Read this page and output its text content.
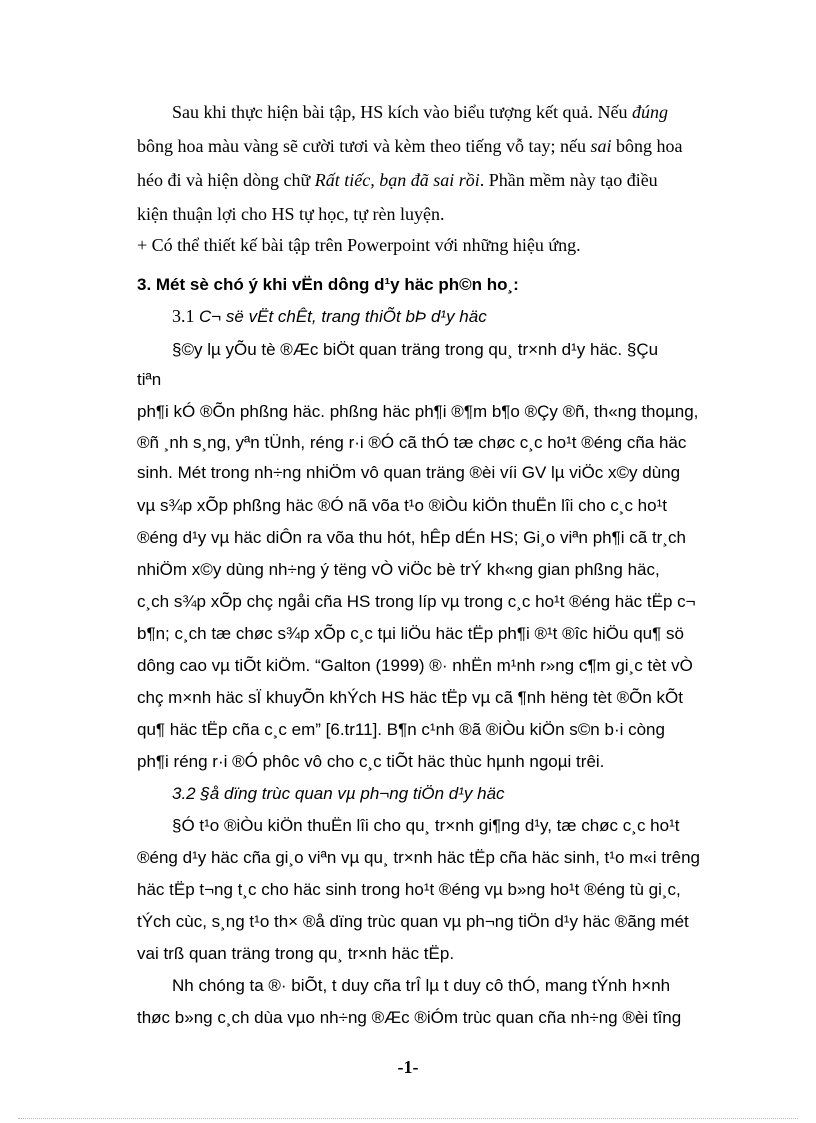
Sau khi thực hiện bài tập, HS kích vào biểu tượng kết quả. Nếu đúng
bông hoa màu vàng sẽ cười tươi và kèm theo tiếng vỗ tay; nếu sai bông hoa
héo đi và hiện dòng chữ Rất tiếc, bạn đã sai rồi. Phần mềm này tạo điều
kiện thuận lợi cho HS tự học, tự rèn luyện.
+ Có thể thiết kế bài tập trên Powerpoint với những hiệu ứng.
3. Mét sè chó ý khi vËn dông d¹y häc ph©n ho¸:
3.1 C¬ së vËt chÊt, trang thiÕt bÞ d¹y häc
§©y lµ yÕu tè ®Æc biÖt quan träng trong qu¸ tr×nh d¹y häc. §Çu
tiªn
ph¶i kÓ ®Õn phßng häc. phßng häc ph¶i ®¶m b¶o ®Çy ®ñ, th«ng thoµng,
®ñ ¸nh s¸ng, yªn tÜnh, réng r·i ®Ó cã thÓ tæ chøc c¸c ho¹t ®éng cña häc
sinh. Mét trong nh÷ng nhiÖm vô quan träng ®èi víi GV lµ viÖc x©y dùng
vµ s¾p xÕp phßng häc ®Ó nã võa t¹o ®iÒu kiÖn thuËn lîi cho c¸c ho¹t
®éng d¹y vµ häc diÔn ra võa thu hót, hÊp dÉn HS; Gi¸o viªn ph¶i cã tr¸ch
nhiÖm x©y dùng nh÷ng ý tëng vÒ viÖc bè trÝ kh«ng gian phßng häc,
c¸ch s¾p xÕp chç ngåi cña HS trong líp vµ trong c¸c ho¹t ®éng häc tËp c¬
b¶n; c¸ch tæ chøc s¾p xÕp c¸c tµi liÖu häc tËp ph¶i ®¹t ®îc hiÖu qu¶ sö
dông cao vµ tiÕt kiÖm. “Galton (1999) ®· nhËn m¹nh r»ng c¶m gi¸c tèt vÒ
chç m×nh häc sÏ khuyÕn khÝch HS häc tËp vµ cã ¶nh hëng tèt ®Õn kÕt
qu¶ häc tËp cña c¸c em” [6.tr11]. B¶n c¹nh ®ã ®iÒu kiÖn s©n b·i còng
ph¶i réng r·i ®Ó phôc vô cho c¸c tiÕt häc thùc hµnh ngoµi trêi.
3.2 §å dïng trùc quan vµ ph¬ng tiÖn d¹y häc
§Ó t¹o ®iÒu kiÖn thuËn lîi cho qu¸ tr×nh gi¶ng d¹y, tæ chøc c¸c ho¹t
®éng d¹y häc cña gi¸o viªn vµ qu¸ tr×nh häc tËp cña häc sinh, t¹o m«i trêng
häc tËp t¬ng t¸c cho häc sinh trong ho¹t ®éng vµ b»ng ho¹t ®éng tù gi¸c,
tÝch cùc, s¸ng t¹o th× ®å dïng trùc quan vµ ph¬ng tiÖn d¹y häc ®ãng mét
vai trß quan träng trong qu¸ tr×nh häc tËp.
Nh chóng ta ®· biÕt, t duy cña trÎ lµ t duy cô thÓ, mang tÝnh h×nh
thøc b»ng c¸ch dùa vµo nh÷ng ®Æc ®iÓm trùc quan cña nh÷ng ®èi tîng
-1-
